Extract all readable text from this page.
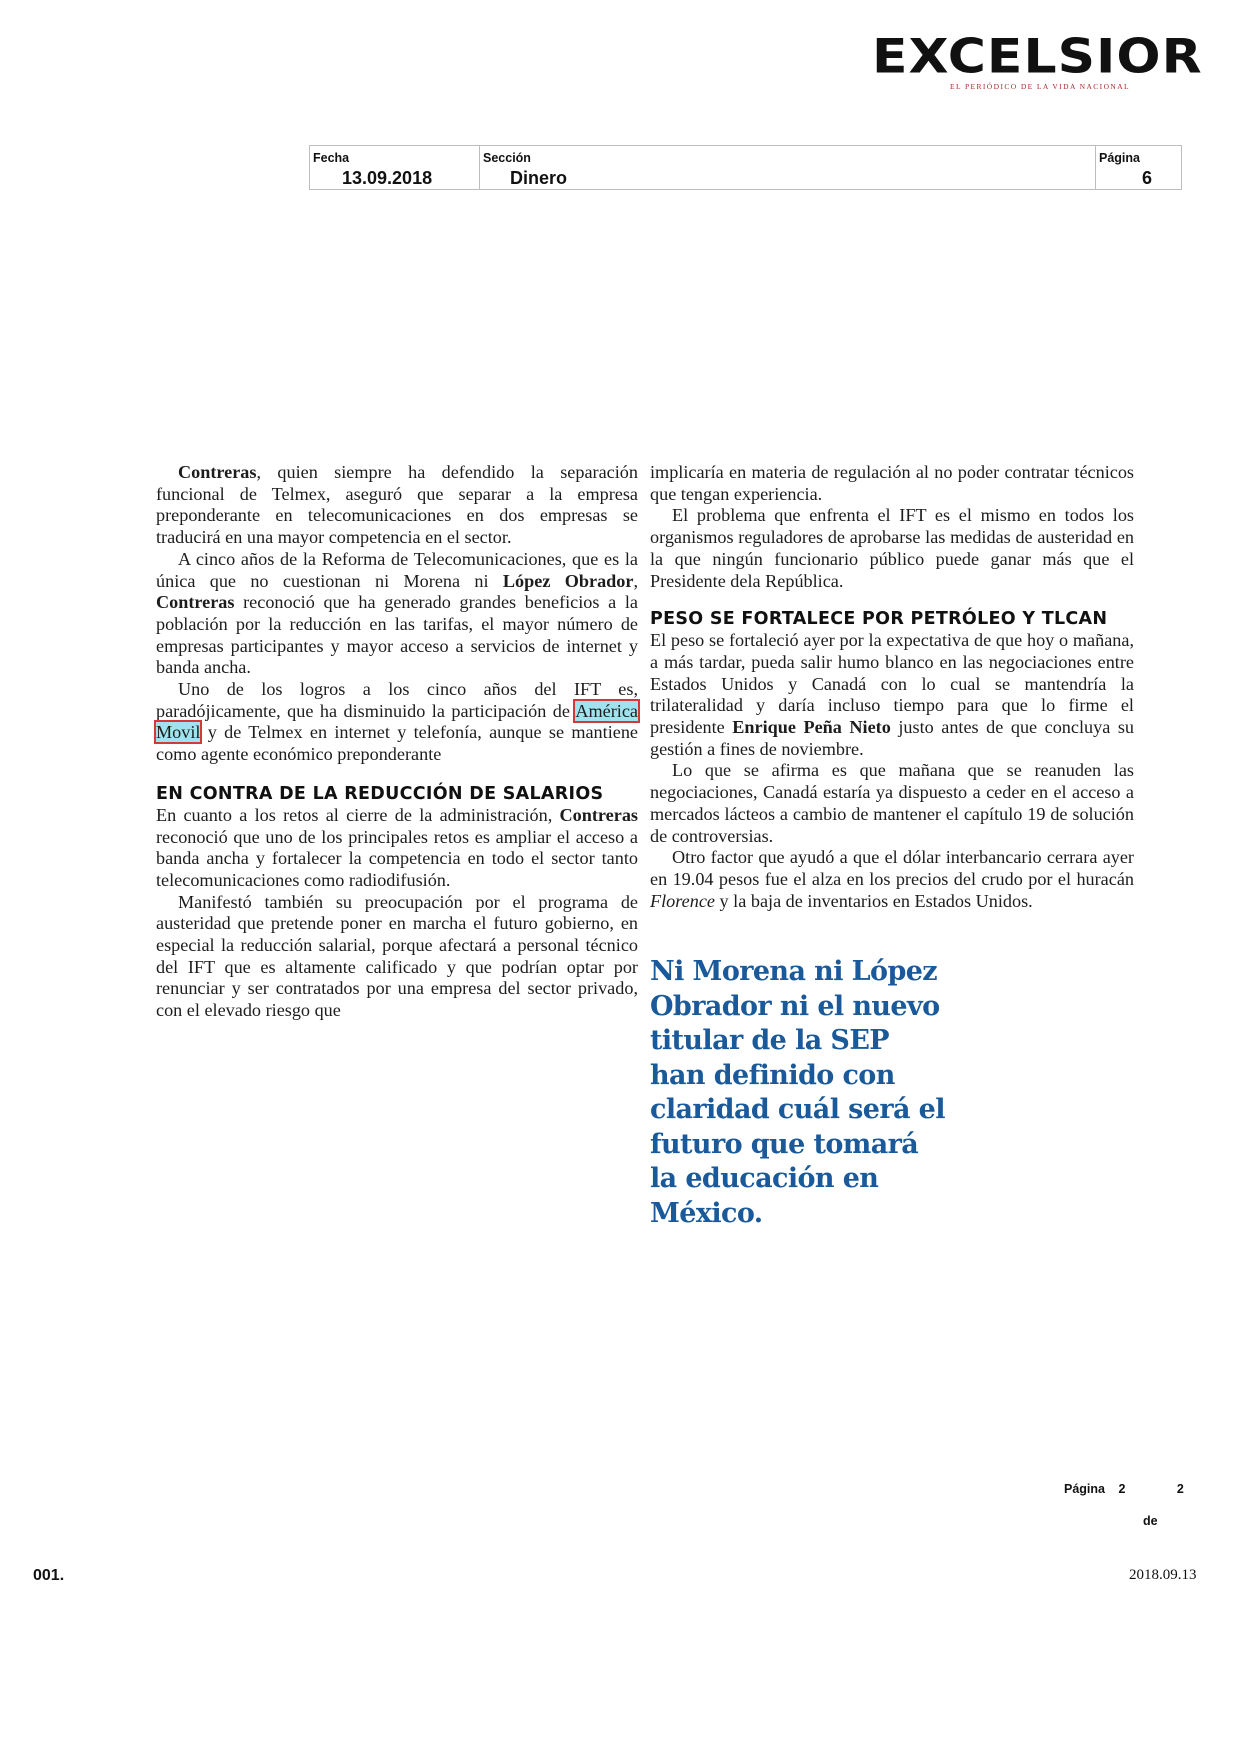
EXCELSIOR
EL PERIÓDICO DE LA VIDA NACIONAL
Fecha
13.09.2018
Sección
Dinero
Página
6

Contreras, quien siempre ha defendido la separación funcional de Telmex, aseguró que separar a la empresa preponderante en telecomunicaciones en dos empresas se traducirá en una mayor competencia en el sector.

A cinco años de la Reforma de Telecomunicaciones, que es la única que no cuestionan ni Morena ni López Obrador, Contreras reconoció que ha generado grandes beneficios a la población por la reducción en las tarifas, el mayor número de empresas participantes y mayor acceso a servicios de internet y banda ancha.

Uno de los logros a los cinco años del IFT es, paradójicamente, que ha disminuido la participación de América Movil y de Telmex en internet y telefonía, aunque se mantiene como agente económico preponderante

EN CONTRA DE LA REDUCCIÓN DE SALARIOS

En cuanto a los retos al cierre de la administración, Contreras reconoció que uno de los principales retos es ampliar el acceso a banda ancha y fortalecer la competencia en todo el sector tanto telecomunicaciones como radiodifusión.

Manifestó también su preocupación por el programa de austeridad que pretende poner en marcha el futuro gobierno, en especial la reducción salarial, porque afectará a personal técnico del IFT que es altamente calificado y que podrían optar por renunciar y ser contratados por una empresa del sector privado, con el elevado riesgo que

implicaría en materia de regulación al no poder contratar técnicos que tengan experiencia.

El problema que enfrenta el IFT es el mismo en todos los organismos reguladores de aprobarse las medidas de austeridad en la que ningún funcionario público puede ganar más que el Presidente dela República.

PESO SE FORTALECE POR PETRÓLEO Y TLCAN

El peso se fortaleció ayer por la expectativa de que hoy o mañana, a más tardar, pueda salir humo blanco en las negociaciones entre Estados Unidos y Canadá con lo cual se mantendría la trilateralidad y daría incluso tiempo para que lo firme el presidente Enrique Peña Nieto justo antes de que concluya su gestión a fines de noviembre.

Lo que se afirma es que mañana que se reanuden las negociaciones, Canadá estaría ya dispuesto a ceder en el acceso a mercados lácteos a cambio de mantener el capítulo 19 de solución de controversias.

Otro factor que ayudó a que el dólar interbancario cerrara ayer en 19.04 pesos fue el alza en los precios del crudo por el huracán Florence y la baja de inventarios en Estados Unidos.

Ni Morena ni López Obrador ni el nuevo titular de la SEP han definido con claridad cuál será el futuro que tomará la educación en México.
Página 2	2
de
001.	2018.09.13
